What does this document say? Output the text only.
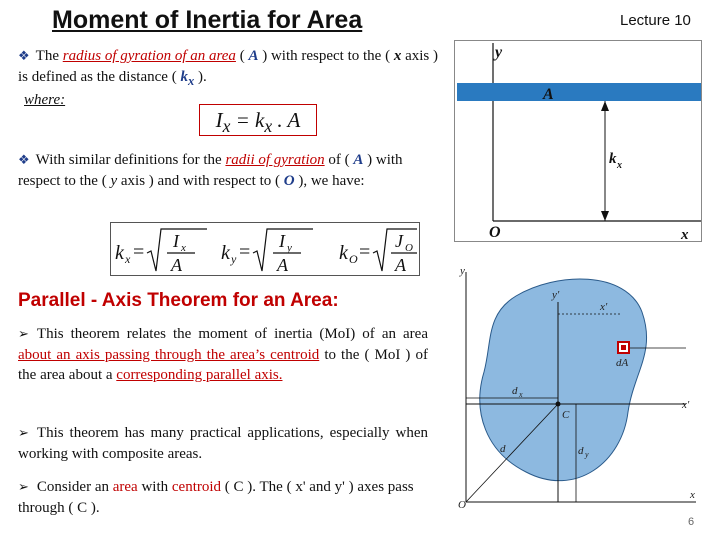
Moment of Inertia for Area	Lecture 10
❖ The radius of gyration of an area ( A ) with respect to the ( x axis ) is defined as the distance ( $k_x$ ).
where:
$I_x = k_x$ . A
❖ With similar definitions for the radii of gyration of ( A ) with respect to the ( y axis ) and with respect to ( O ), we have:
k x = I x
A
k y = I y
A
k O = J O
A
Parallel - Axis Theorem for an Area:
➢ This theorem relates the moment of inertia (MoI) of an area about an axis passing through the area’s centroid to the ( MoI ) of the area about a corresponding parallel axis.
➢ This theorem has many practical applications, especially when working with composite areas.
➢ Consider an area with centroid ( C ). The ( x' and y' ) axes pass through ( C ).
y
A
k x
O	x
y
y'
x'
x'
dA
d x
d y
d
C
O
x
6
